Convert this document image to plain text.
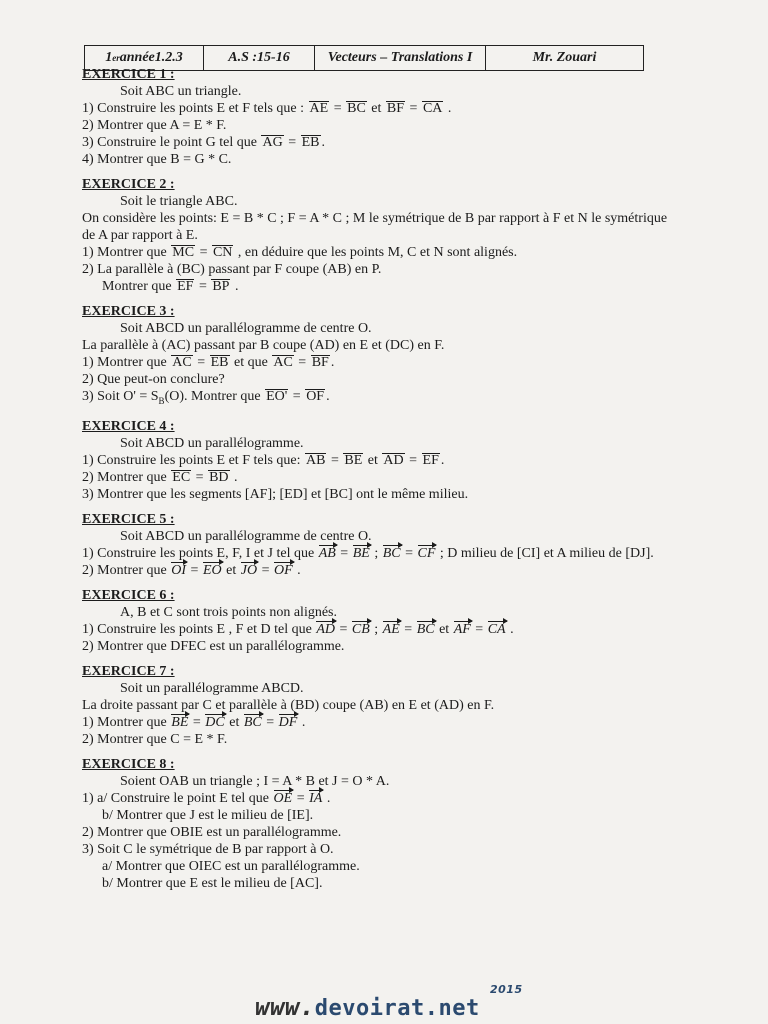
1 er année1.2.3	A.S :15-16	Vecteurs – Translations I	Mr. Zouari
EXERCICE 1 :
Soit ABC un triangle.
1) Construire les points E et F tels que : AE = BC et BF = CA .
2) Montrer que A = E * F.
3) Construire le point G tel que AG = EB .
4) Montrer que B = G * C.
EXERCICE 2 :
Soit le triangle ABC.
On considère les points: E = B * C ; F = A * C ; M le symétrique de B par rapport à F et N le symétrique
de A par rapport à E.
1) Montrer que MC = CN , en déduire que les points M, C et N sont alignés.
2) La parallèle à (BC) passant par F coupe (AB) en P.
Montrer que EF = BP .
EXERCICE 3 :
Soit ABCD un parallélogramme de centre O.
La parallèle à (AC) passant par B coupe (AD) en E et (DC) en F.
1) Montrer que AC = EB et que AC = BF .
2) Que peut-on conclure?
3) Soit $O' = S_B(O)$. Montrer que EO' = OF .
EXERCICE 4 :
Soit ABCD un parallélogramme.
1) Construire les points E et F tels que: AB = BE et AD = EF .
2) Montrer que EC = BD .
3) Montrer que les segments [AF]; [ED] et [BC] ont le même milieu.
EXERCICE 5 :
Soit ABCD un parallélogramme de centre O.
1) Construire les points E, F, I et J tel que AB = BE ; BC = CF ; D milieu de [CI] et A milieu de [DJ].
2) Montrer que OI = EO et JO = OF .
EXERCICE 6 :
A, B et C sont trois points non alignés.
1) Construire les points E , F et D tel que AD = CB ; AE = BC et AF = CA .
2) Montrer que DFEC est un parallélogramme.
EXERCICE 7 :
Soit un parallélogramme ABCD.
La droite passant par C et parallèle à (BD) coupe (AB) en E et (AD) en F.
1) Montrer que BE = DC et BC = DF .
2) Montrer que C = E * F.
EXERCICE 8 :
Soient OAB un triangle ; I = A * B et J = O * A.
1) a/ Construire le point E tel que OE = IA .
b/ Montrer que J est le milieu de [IE].
2) Montrer que OBIE est un parallélogramme.
3) Soit C le symétrique de B par rapport à O.
a/ Montrer que OIEC est un parallélogramme.
b/ Montrer que E est le milieu de [AC].
www.devoirat.net
2015
